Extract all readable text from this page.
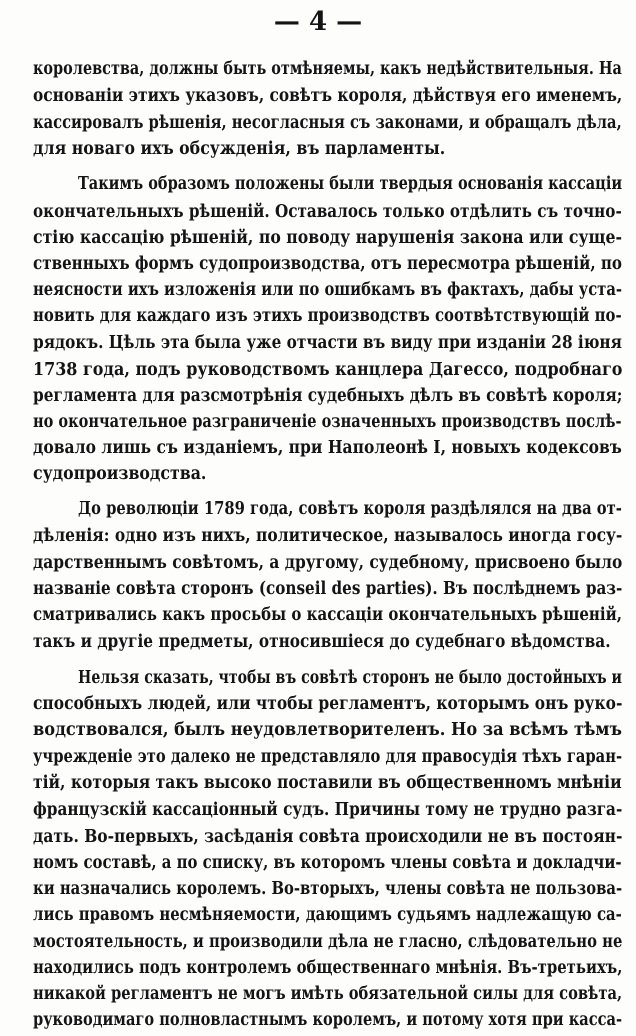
— 4 —
королевства, должны быть отмѣняемы, какъ недѣйствительныя. На
основаніи этихъ указовъ, совѣтъ короля, дѣйствуя его именемъ,
кассировалъ рѣшенія, несогласныя съ законами, и обращалъ дѣла,
для новаго ихъ обсужденія, въ парламенты.
Такимъ образомъ положены были твердыя основанія кассаціи
окончательныхъ рѣшеній. Оставалось только отдѣлить съ точно-
стію кассацію рѣшеній, по поводу нарушенія закона или суще-
ственныхъ формъ судопроизводства, отъ пересмотра рѣшеній, по
неясности ихъ изложенія или по ошибкамъ въ фактахъ, дабы уста-
новить для каждаго изъ этихъ производствъ соотвѣтствующій по-
рядокъ. Цѣль эта была уже отчасти въ виду при изданіи 28 іюня
1738 года, подъ руководствомъ канцлера Дагессо, подробнаго
регламента для разсмотрѣнія судебныхъ дѣлъ въ совѣтѣ короля;
но окончательное разграниченіе означенныхъ производствъ послѣ-
довало лишь съ изданіемъ, при Наполеонѣ I, новыхъ кодексовъ
судопроизводства.
До революціи 1789 года, совѣтъ короля раздѣлялся на два от-
дѣленія: одно изъ нихъ, политическое, называлось иногда госу-
дарственнымъ совѣтомъ, а другому, судебному, присвоено было
названіе совѣта сторонъ (conseil des parties). Въ послѣднемъ раз-
сматривались какъ просьбы о кассаціи окончательныхъ рѣшеній,
такъ и другіе предметы, относившіеся до судебнаго вѣдомства.
Нельзя сказать, чтобы въ совѣтѣ сторонъ не было достойныхъ и
способныхъ людей, или чтобы регламентъ, которымъ онъ руко-
водствовался, былъ неудовлетворителенъ. Но за всѣмъ тѣмъ
учрежденіе это далеко не представляло для правосудія тѣхъ гаран-
тій, которыя такъ высоко поставили въ общественномъ мнѣніи
французскій кассаціонный судъ. Причины тому не трудно разга-
дать. Во-первыхъ, засѣданія совѣта происходили не въ постоян-
номъ составѣ, а по списку, въ которомъ члены совѣта и докладчи-
ки назначались королемъ. Во-вторыхъ, члены совѣта не пользова-
лись правомъ несмѣняемости, дающимъ судьямъ надлежащую са-
мостоятельность, и производили дѣла не гласно, слѣдовательно не
находились подъ контролемъ общественнаго мнѣнія. Въ-третьихъ,
никакой регламентъ не могъ имѣть обязательной силы для совѣта,
руководимаго полновластнымъ королемъ, и потому хотя при касса-
